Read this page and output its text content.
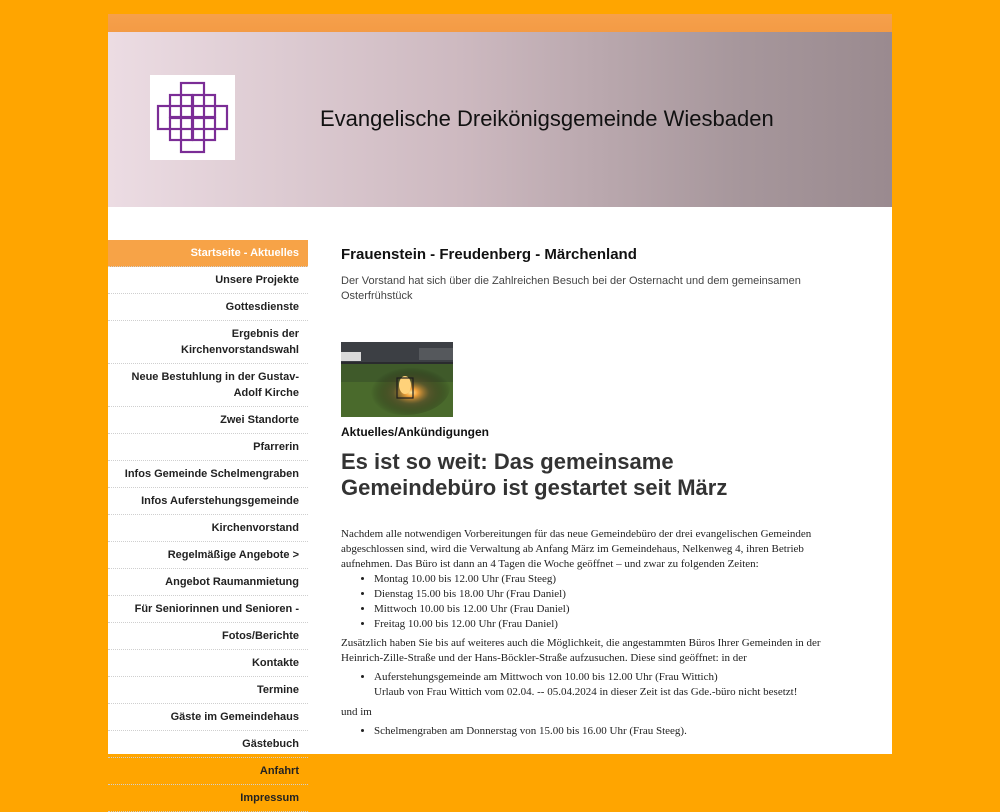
Evangelische Dreikönigsgemeinde Wiesbaden
Startseite - Aktuelles
Unsere Projekte
Gottesdienste
Ergebnis der Kirchenvorstandswahl
Neue Bestuhlung in der Gustav-Adolf Kirche
Zwei Standorte
Pfarrerin
Infos Gemeinde Schelmengraben
Infos Auferstehungsgemeinde
Kirchenvorstand
Regelmäßige Angebote >
Angebot Raumanmietung
Für Seniorinnen und Senioren -
Fotos/Berichte
Kontakte
Termine
Gäste im Gemeindehaus
Gästebuch
Anfahrt
Impressum
Frauenstein - Freudenberg - Märchenland

Der Vorstand hat sich über die Zahlreichen Besuch bei der Osternacht und dem gemeinsamen Osterfrühstück

Aktuelles/Ankündigungen
Es ist so weit: Das gemeinsame Gemeindebüro ist gestartet seit März

Nachdem alle notwendigen Vorbereitungen für das neue Gemeindebüro der drei evangelischen Gemeinden abgeschlossen sind, wird die Verwaltung ab Anfang März im Gemeindehaus, Nelkenweg 4, ihren Betrieb aufnehmen. Das Büro ist dann an 4 Tagen die Woche geöffnet – und zwar zu folgenden Zeiten:

• Montag 10.00 bis 12.00 Uhr (Frau Steeg)
• Dienstag 15.00 bis 18.00 Uhr (Frau Daniel)
• Mittwoch 10.00 bis 12.00 Uhr (Frau Daniel)
• Freitag 10.00 bis 12.00 Uhr (Frau Daniel)

Zusätzlich haben Sie bis auf weiteres auch die Möglichkeit, die angestammten Büros Ihrer Gemeinden in der Heinrich-Zille-Straße und der Hans-Böckler-Straße aufzusuchen. Diese sind geöffnet: in der

• Auferstehungsgemeinde am Mittwoch von 10.00 bis 12.00 Uhr (Frau Wittich)
Urlaub von Frau Wittich vom 02.04. -- 05.04.2024 in dieser Zeit ist das Gde.-büro nicht besetzt!

und im

• Schelmengraben am Donnerstag von 15.00 bis 16.00 Uhr (Frau Steeg).
